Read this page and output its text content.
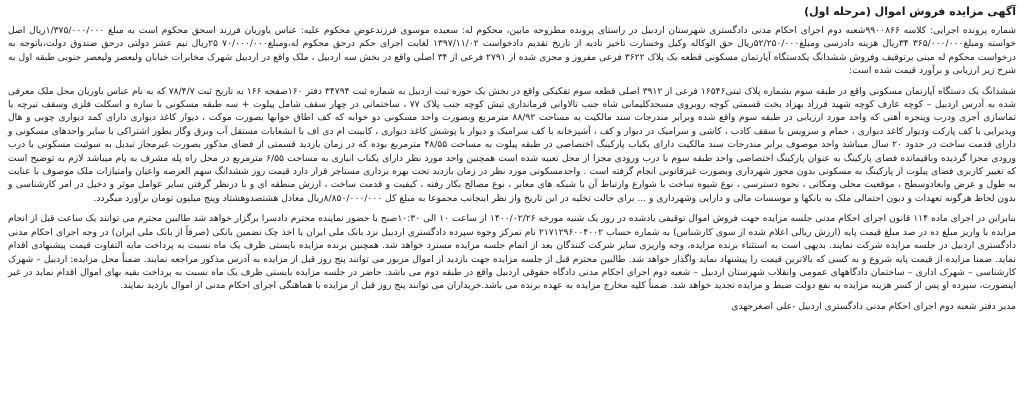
آگهی مزایده فروش اموال (مرحله اول)

شماره پرونده اجرایی: کلاسه ۹۹۰۰۸۶۶شعبه دوم اجرای احکام مدنی دادگستری شهرستان اردبیل در راستای پرونده مطروحه مابین، محکوم له: سعیده موسوی فرزندعوض محکوم علیه: عباس یاوریان فرزند اسحق محکوم است به مبلغ ۱/۳۷۵/۰۰۰/۰۰۰ریال اصل خواسته ومبلغ۳۶۵/۰۰۰/۰۰۰ ۳۴ریال هزینه دادرسی ومبلغ۵۲/۲۵۰/۰۰۰ریال حق الوکاله وکیل وخسارت تاخیر تادیه از تاریخ تقدیم دادخواست ۱۳۹۷/۱۱/۰۲ لغایت اجرای حکم درحق محکوم له،ومبلغ۷۰/۰۰۰/۰۰۰ ۲۵ریال نیم عشر دولتی درحق صندوق دولت،باتوجه به درخواست محکوم له مبنی برتوقیف وفروش ششدانگ یکدستگاه آپارتمان مسکونی قطعه یک پلاک ۳۶۲۲ فرعی مفروز و مجزی شده از ۲۷۹۱ فرعی از ۳۴ اصلی واقع در بخش سه اردبیل ، ملک واقع در اردبیل شهرک مخابرات خیابان ولیعصر ولیعصر جنوبی طبقه اول به شرح زیر ارزیابی و برآورد قیمت شده است:

ششدانگ یک دستگاه آپارتمان مسکونی واقع در طبقه سوم بشماره پلاک ثبتی۱۶۵۴۶ فرعی از ۳۹۱۲ اصلی قطعه سوم تفکیکی واقع در بخش یک حوزه ثبت اردبیل به شماره ثبت ۳۴۷۹۴ دفتر ۱۶۰صفحه ۱۶۶ به تاریخ ثبت ۷۸/۴/۷ که به نام عباس یاوریان محل ملک معرفی شده به آدرس اردبیل – کوچه عارف کوچه شهید فرزاد بهزاد بخت قسمتی کوچه روبروی مسجدکلیمانی شاه جنب تالاوانی فرمانداری تیش کوچه جنب پلاک ۷۷ ، ساختمانی در چهار سقف شامل پیلوت + سه طبقه مسکونی با سازه و اسکلت فلزی وسقف تیرچه یا تماسازی آجری ودرب وپنجره آهنی که واحد مورد ارزیابی در طبقه سوم واقع شده وبرابر مندرجات سند مالکیت به مساحت ۸۸/۹۲ مترمربع وبصورت واحد مسکونی دو خوابه که کف اطاق خوابها بصورت موکت ، دیوار کاغذ دیواری دارای کمد دیواری چوبی و هال وپذیرایی با کف پارکت ودیوار کاغذ دیواری ، حمام و سرویس با سقف کاذب ، کاشی و سرامیک در دیوار و کف ، آشپزخانه با کف سرامیک و دیوار با پوشش کاغذ دیواری ، کابینت ام دی اف با انشعابات مستقل آب وبرق وگاز بطور اشتراکی با سایر واحدهای مسکونی و دارای قدمت ساخت در حدود ۲۰ سال میباشد واحد موصوف برابر مندرجات سند مالکیت دارای یکباب پارکینگ اختصاصی در طبقه پیلوت به مساحت ۴۸/۵۵ مترمربع بوده که در زمان بازدید قسمتی از فضای مذکور بصورت غیرمجاز تبدیل به سوئیت مسکونی با درب ورودی مجزا گردیده وباقیمانده فضای پارکینگ به عنوان پارکینگ اختصاصی واحد طبقه سوم با درب ورودی مجزا از محل تعبیه شده است همچنین واحد مورد نظر دارای یکباب انباری به مساحت ۶/۵۵ مترمربع در محل راه پله مشرف به پام میباشد لازم به توضیح است که تغییر کاربری فضای پیلوت از پارکینگ به مسکونی بدون مجوز شهرداری وبصورت غیرقانونی انجام گرفته است . واحدمسکونی مورد نظر در زمان بازدید تحت بهره برداری مستاجر قرار دارد قیمت روز ششدانگ سهم العرصه واعیان وامتیازات ملک موصوف با عنایت به طول و عرض وابعادوسطح ، موقعیت محلی ومکانی ، نحوه دسترسی ، نوع شیوه ساخت با شوارع وارتباط آن با شبکه های معابر ، نوع مصالح بکار رفته ، کیفیت و قدمت ساخت ، ارزش منطقه ای و با درنظر گرفتن سایر عوامل موثر و دخیل در امر کارشناسی و بدون لحاظ هرگونه تعهدات و دیون احتمالی ملک به بانکها و موسسات مالی و دارایی وشهرداری و ... برای حالت تخلیه در این تاریخ واز نظر اینجانب مجموعا به مبلغ کل ۸/۸۵۰/۰۰۰/۰۰۰ریال معادل هشتصدوهشتاد وپنج میلیون تومان برآورد میگردد.

بنابراین در اجرای ماده ۱۱۴ قانون اجرای احکام مدنی جلسه مزایده جهت فروش اموال توقیفی یادشده در روز یک شنبه مورخه ۱۴۰۰/۰۲/۲۶ از ساعت ۱۰ الی ۱۰:۳۰صبح با حضور نماینده محترم دادسرا برگزار خواهد شد طالبین محترم می توانند یک ساعت قبل از انجام مزایده با واریز مبلغ ده در صد مبلغ قیمت پایه (ارزش ریالی اعلام شده از سوی کارشناس) به شماره حساب ۲۱۷۱۲۹۶۰۰۴۰۰۲ نام تمرکز وجوه سپرده دادگستری اردبیل نزد بانک ملی ایران یا اخذ چک تضمین بانکی (صرفاً از بانک ملی ایران) در وجه اجرای احکام مدنی دادگستری اردبیل در جلسه مزایده شرکت نمایند. بدیهی است به استثناء برنده مزایده، وجه واریزی سایر شرکت کنندگان بعد از اتمام جلسه مزایده مسترد خواهد شد. همچنین برنده مزایده بایستی ظرف یک ماه نسبت به پرداخت مابه التفاوت قیمت پیشنهادی اقدام نماید. ضمنا مزایده از قیمت پایه شروع و به کسی که بالاترین قیمت را پیشنهاد نماید واگذار خواهد شد. طالبین محترم قبل از جلسه مزایده جهت بازدید از اموال مزبور می توانند پنج روز قبل از مزایده به آدرس مذکور مراجعه نمایند. ضمناً محل مزایده: اردبیل – شهرک کارشناسی – شهرک اداری – ساختمان دادگاههای عمومی وانقلاب شهرستان اردبیل – شعبه دوم اجرای احکام مدنی دادگاه حقوقی اردبیل واقع در طبقه دوم می باشد. حاضر در جلسه مزایده بایستی ظرف یک ماه نسبت به پرداخت بقیه بهای اموال اقدام نماید در غیر اینصورت، سپرده او پس از کسر هزینه مزایده به نفع دولت ضبط و مزایده تجدید خواهد شد. ضمناً کلیه مخارج مزایده به عهده برنده می باشد.خریداران می توانند پنج روز قبل از مزایده با هماهنگی اجرای احکام مدنی از اموال بازدید نمایند.

مدیر دفتر شعبه دوم اجرای احکام مدنی دادگستری اردبیل -علی اصغرجهدی
